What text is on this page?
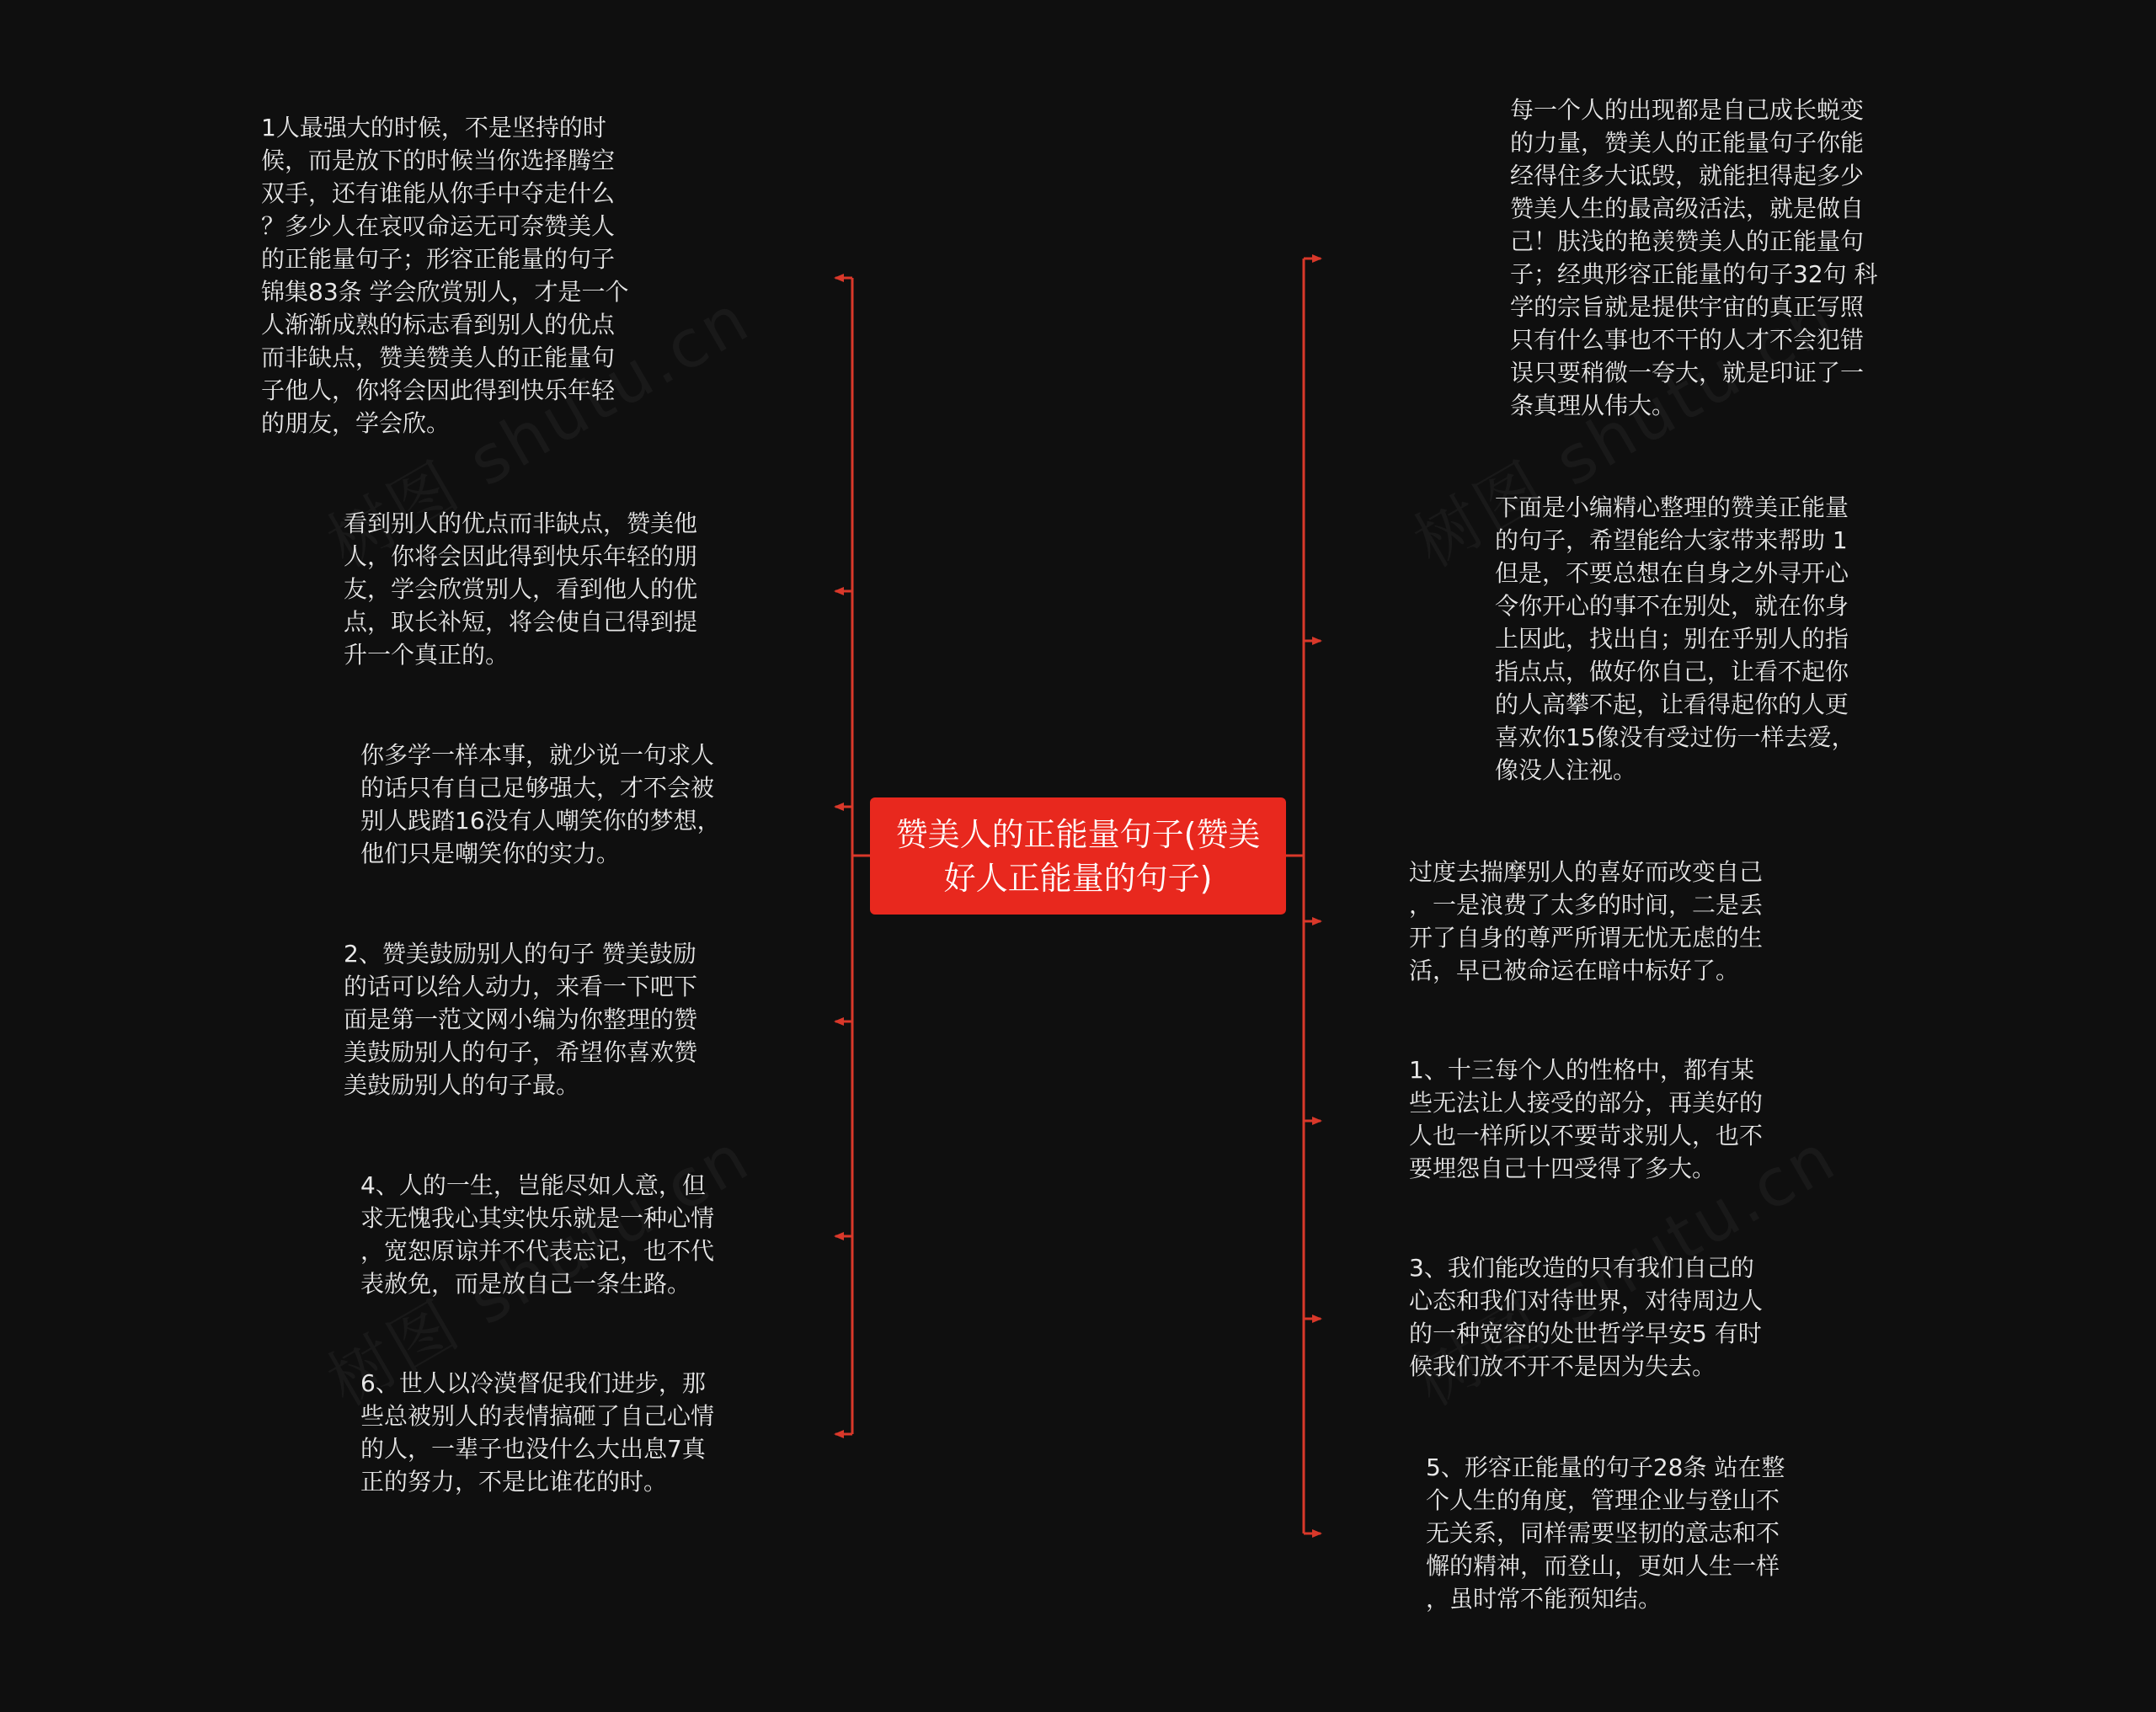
赞美人的正能量句子(赞美
好人正能量的句子)
1人最强大的时候，不是坚持的时
候，而是放下的时候当你选择腾空
双手，还有谁能从你手中夺走什么
？多少人在哀叹命运无可奈赞美人
的正能量句子；形容正能量的句子
锦集83条 学会欣赏别人，才是一个
人渐渐成熟的标志看到别人的优点
而非缺点，赞美赞美人的正能量句
子他人，你将会因此得到快乐年轻
的朋友，学会欣。
看到别人的优点而非缺点，赞美他
人，你将会因此得到快乐年轻的朋
友，学会欣赏别人，看到他人的优
点，取长补短，将会使自己得到提
升一个真正的。
你多学一样本事，就少说一句求人
的话只有自己足够强大，才不会被
别人践踏16没有人嘲笑你的梦想，
他们只是嘲笑你的实力。
2、赞美鼓励别人的句子 赞美鼓励
的话可以给人动力，来看一下吧下
面是第一范文网小编为你整理的赞
美鼓励别人的句子，希望你喜欢赞
美鼓励别人的句子最。
4、人的一生，岂能尽如人意，但
求无愧我心其实快乐就是一种心情
，宽恕原谅并不代表忘记，也不代
表赦免，而是放自己一条生路。
6、世人以冷漠督促我们进步，那
些总被别人的表情搞砸了自己心情
的人，一辈子也没什么大出息7真
正的努力，不是比谁花的时。
每一个人的出现都是自己成长蜕变
的力量，赞美人的正能量句子你能
经得住多大诋毁，就能担得起多少
赞美人生的最高级活法，就是做自
己！肤浅的艳羡赞美人的正能量句
子；经典形容正能量的句子32句 科
学的宗旨就是提供宇宙的真正写照
只有什么事也不干的人才不会犯错
误只要稍微一夸大，就是印证了一
条真理从伟大。
下面是小编精心整理的赞美正能量
的句子，希望能给大家带来帮助 1
但是，不要总想在自身之外寻开心
令你开心的事不在别处，就在你身
上因此，找出自；别在乎别人的指
指点点，做好你自己，让看不起你
的人高攀不起，让看得起你的人更
喜欢你15像没有受过伤一样去爱，
像没人注视。
过度去揣摩别人的喜好而改变自己
，一是浪费了太多的时间，二是丢
开了自身的尊严所谓无忧无虑的生
活，早已被命运在暗中标好了。
1、十三每个人的性格中，都有某
些无法让人接受的部分，再美好的
人也一样所以不要苛求别人，也不
要埋怨自己十四受得了多大。
3、我们能改造的只有我们自己的
心态和我们对待世界，对待周边人
的一种宽容的处世哲学早安5 有时
候我们放不开不是因为失去。
5、形容正能量的句子28条 站在整
个人生的角度，管理企业与登山不
无关系，同样需要坚韧的意志和不
懈的精神，而登山，更如人生一样
，虽时常不能预知结。
